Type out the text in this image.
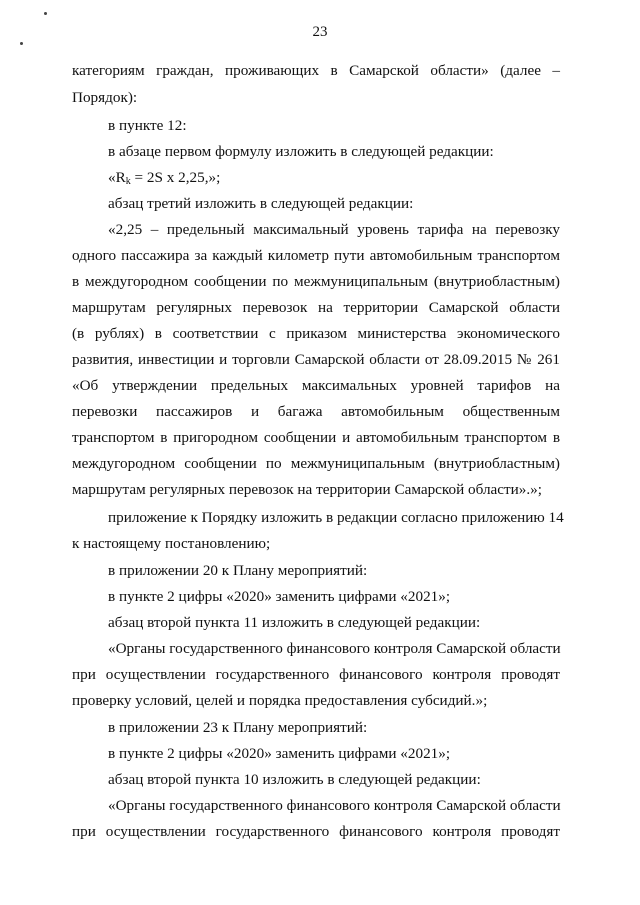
23
категориям граждан, проживающих в Самарской области» (далее –
Порядок):
в пункте 12:
в абзаце первом формулу изложить в следующей редакции:
«$R_k = 2S$ х 2,25,»;
абзац третий изложить в следующей редакции:
«2,25 – предельный максимальный уровень тарифа на перевозку
одного пассажира за каждый километр пути автомобильным транспортом
в междугородном сообщении по межмуниципальным (внутриобластным)
маршрутам регулярных перевозок на территории Самарской области
(в рублях) в соответствии с приказом министерства экономического
развития, инвестиции и торговли Самарской области от 28.09.2015 № 261
«Об утверждении предельных максимальных уровней тарифов на
перевозки пассажиров и багажа автомобильным общественным
транспортом в пригородном сообщении и автомобильным транспортом в
междугородном сообщении по межмуниципальным (внутриобластным)
маршрутам регулярных перевозок на территории Самарской области».»;
приложение к Порядку изложить в редакции согласно приложению 14
к настоящему постановлению;
в приложении 20 к Плану мероприятий:
в пункте 2 цифры «2020» заменить цифрами «2021»;
абзац второй пункта 11 изложить в следующей редакции:
«Органы государственного финансового контроля Самарской области
при осуществлении государственного финансового контроля проводят
проверку условий, целей и порядка предоставления субсидий.»;
в приложении 23 к Плану мероприятий:
в пункте 2 цифры «2020» заменить цифрами «2021»;
абзац второй пункта 10 изложить в следующей редакции:
«Органы государственного финансового контроля Самарской области
при осуществлении государственного финансового контроля проводят
